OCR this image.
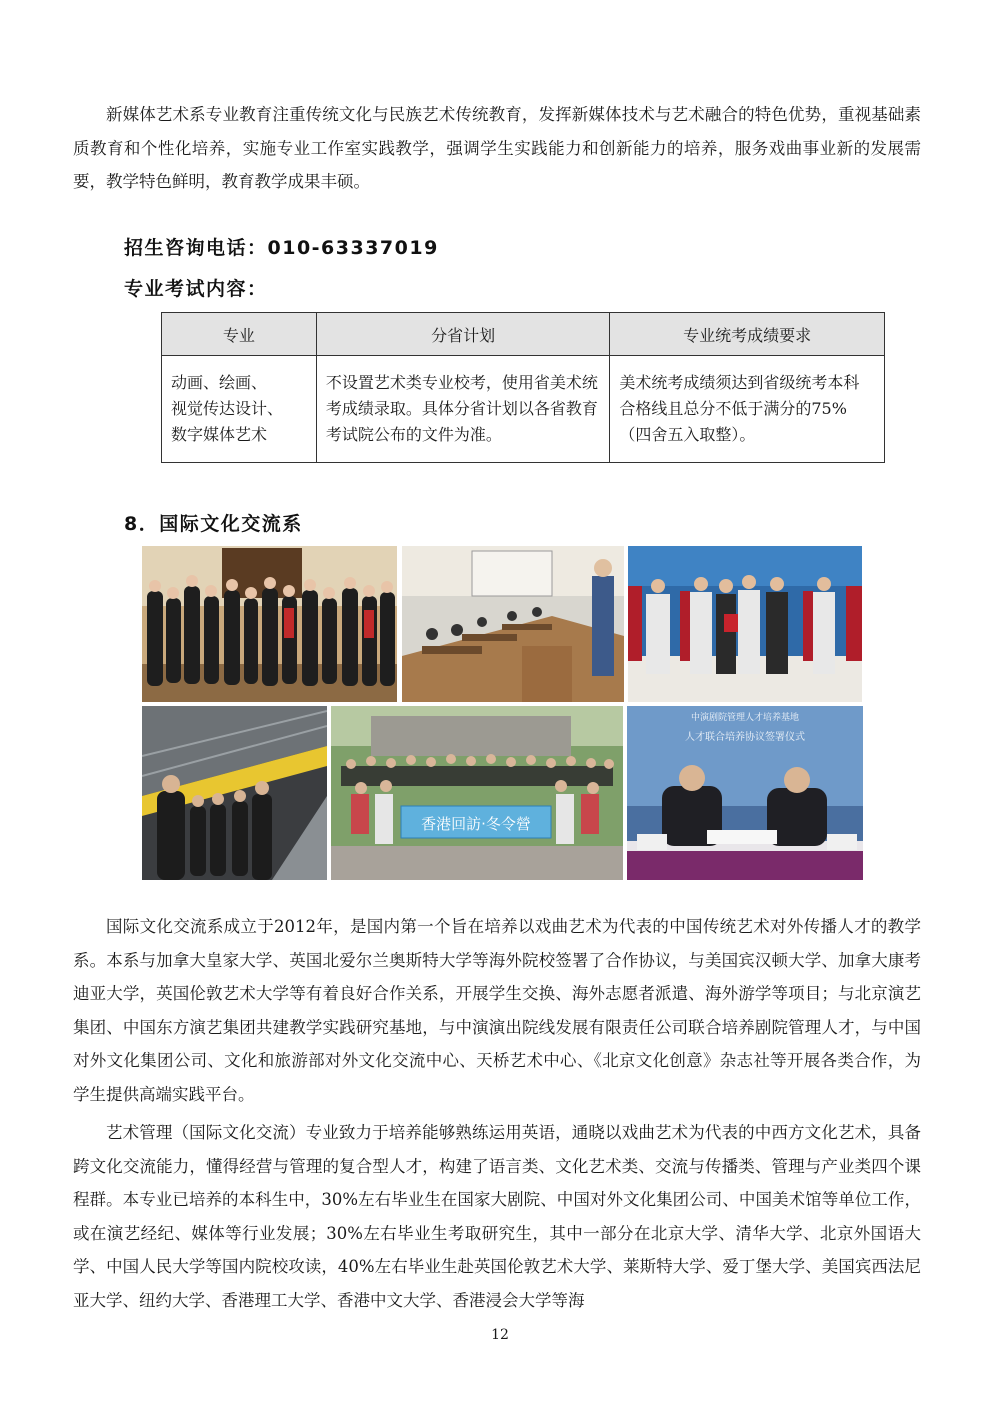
新媒体艺术系专业教育注重传统文化与民族艺术传统教育，发挥新媒体技术与艺术融合的特色优势，重视基础素质教育和个性化培养，实施专业工作室实践教学，强调学生实践能力和创新能力的培养，服务戏曲事业新的发展需要，教学特色鲜明，教育教学成果丰硕。

招生咨询电话：010-63337019
专业考试内容：
专业	分省计划	专业统考成绩要求

动画、绘画、
视觉传达设计、
数字媒体艺术	不设置艺术类专业校考，使用省美术统考成绩录取。具体分省计划以各省教育考试院公布的文件为准。	美术统考成绩须达到省级统考本科合格线且总分不低于满分的75%（四舍五入取整）。
8．国际文化交流系
香港回訪·冬令營
中演剧院管理人才培养基地
人才联合培养协议签署仪式

国际文化交流系成立于2012年，是国内第一个旨在培养以戏曲艺术为代表的中国传统艺术对外传播人才的教学系。本系与加拿大皇家大学、英国北爱尔兰奥斯特大学等海外院校签署了合作协议，与美国宾汉顿大学、加拿大康考迪亚大学，英国伦敦艺术大学等有着良好合作关系，开展学生交换、海外志愿者派遣、海外游学等项目；与北京演艺集团、中国东方演艺集团共建教学实践研究基地，与中演演出院线发展有限责任公司联合培养剧院管理人才，与中国对外文化集团公司、文化和旅游部对外文化交流中心、天桥艺术中心、《北京文化创意》杂志社等开展各类合作，为学生提供高端实践平台。

艺术管理（国际文化交流）专业致力于培养能够熟练运用英语，通晓以戏曲艺术为代表的中西方文化艺术，具备跨文化交流能力，懂得经营与管理的复合型人才，构建了语言类、文化艺术类、交流与传播类、管理与产业类四个课程群。本专业已培养的本科生中，30%左右毕业生在国家大剧院、中国对外文化集团公司、中国美术馆等单位工作，或在演艺经纪、媒体等行业发展；30%左右毕业生考取研究生，其中一部分在北京大学、清华大学、北京外国语大学、中国人民大学等国内院校攻读，40%左右毕业生赴英国伦敦艺术大学、莱斯特大学、爱丁堡大学、美国宾西法尼亚大学、纽约大学、香港理工大学、香港中文大学、香港浸会大学等海

12
